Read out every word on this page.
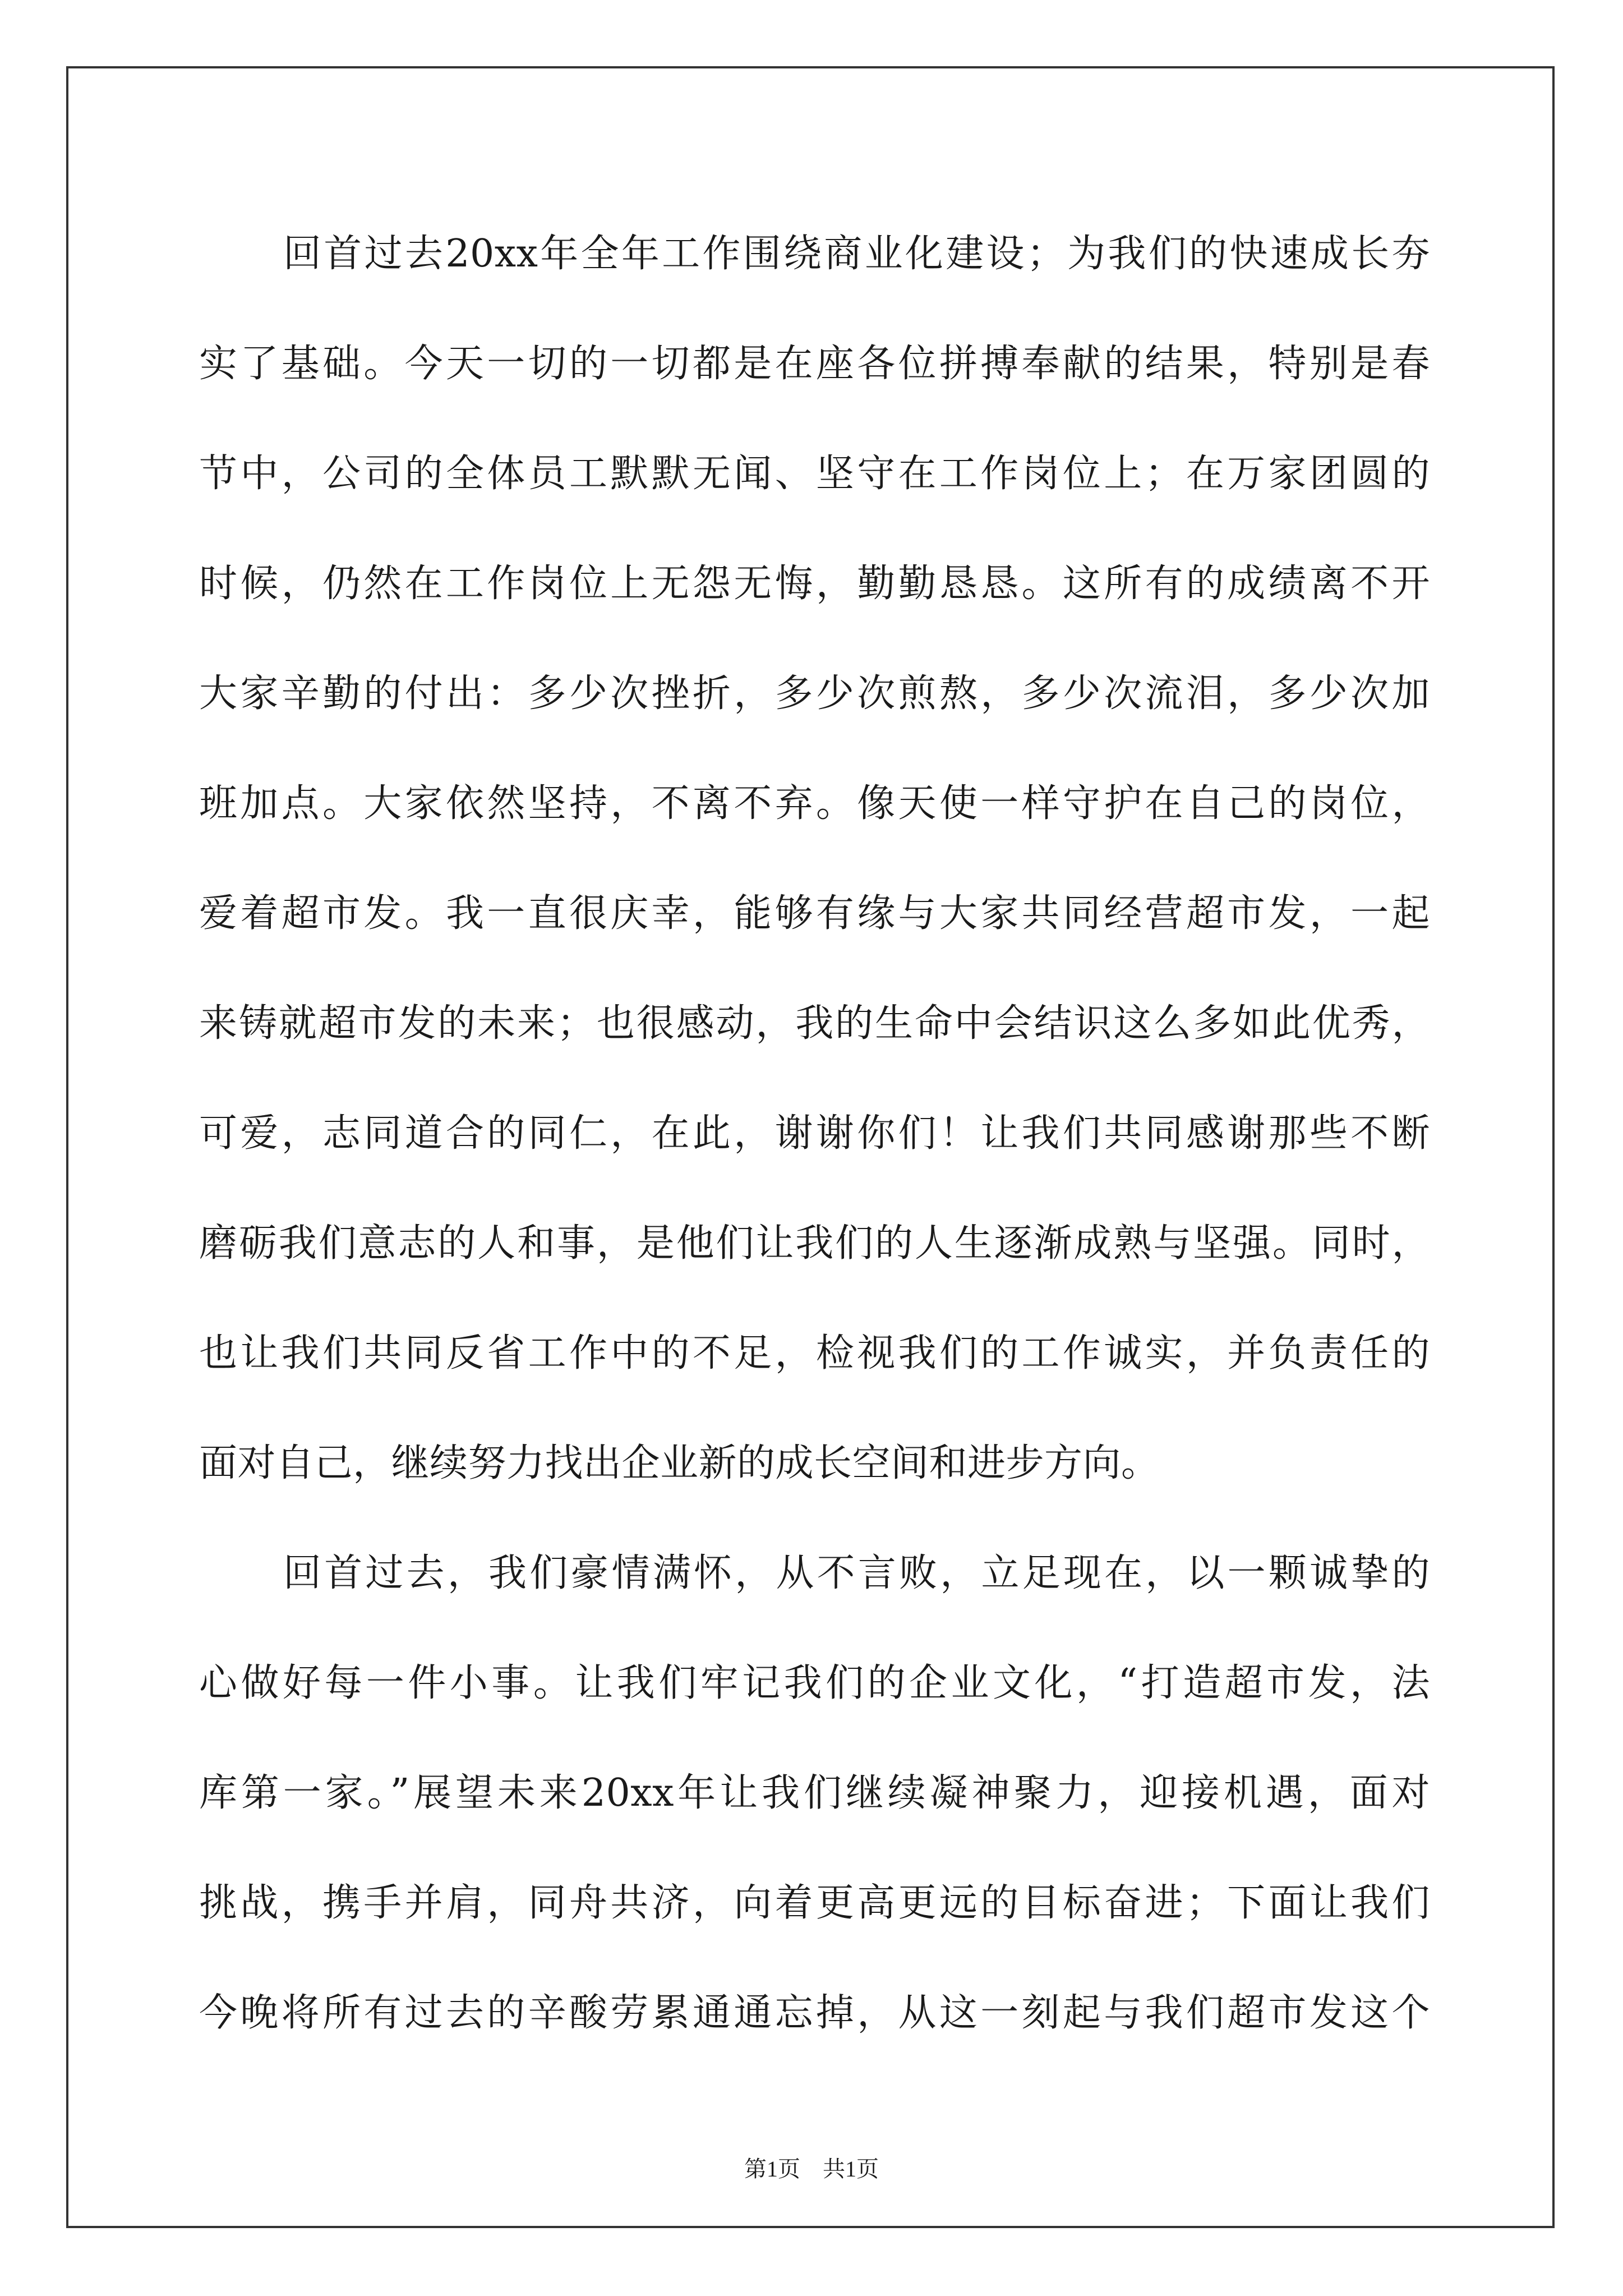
回首过去20xx年全年工作围绕商业化建设；为我们的快速成长夯
实了基础。今天一切的一切都是在座各位拼搏奉献的结果，特别是春
节中，公司的全体员工默默无闻、坚守在工作岗位上；在万家团圆的
时候，仍然在工作岗位上无怨无悔，勤勤恳恳。这所有的成绩离不开
大家辛勤的付出：多少次挫折，多少次煎熬，多少次流泪，多少次加
班加点。大家依然坚持，不离不弃。像天使一样守护在自己的岗位，
爱着超市发。我一直很庆幸，能够有缘与大家共同经营超市发，一起
来铸就超市发的未来；也很感动，我的生命中会结识这么多如此优秀，
可爱，志同道合的同仁，在此，谢谢你们！让我们共同感谢那些不断
磨砺我们意志的人和事，是他们让我们的人生逐渐成熟与坚强。同时，
也让我们共同反省工作中的不足，检视我们的工作诚实，并负责任的
面对自己，继续努力找出企业新的成长空间和进步方向。
回首过去，我们豪情满怀，从不言败，立足现在，以一颗诚挚的
心做好每一件小事。让我们牢记我们的企业文化，“打造超市发，法
库第一家。”展望未来20xx年让我们继续凝神聚力，迎接机遇，面对
挑战，携手并肩，同舟共济，向着更高更远的目标奋进；下面让我们
今晚将所有过去的辛酸劳累通通忘掉，从这一刻起与我们超市发这个
第1页 共1页
